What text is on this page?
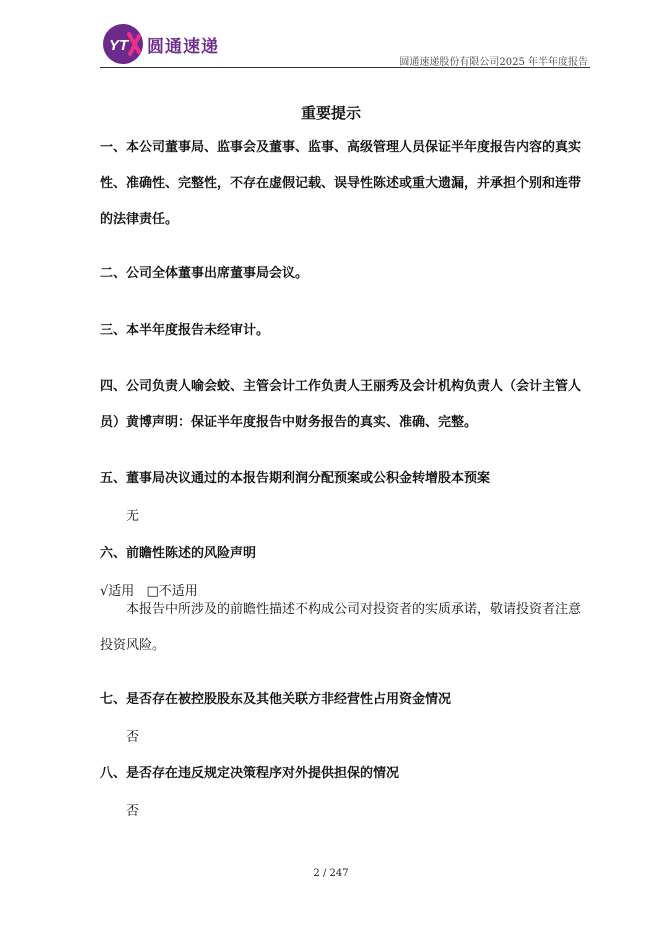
YT 圆通速递
圆通速递股份有限公司2025 年半年度报告
重要提示

一、本公司董事局、监事会及董事、监事、高级管理人员保证半年度报告内容的真实性、准确性、完整性，不存在虚假记载、误导性陈述或重大遗漏，并承担个别和连带的法律责任。

二、公司全体董事出席董事局会议。

三、本半年度报告未经审计。

四、公司负责人喻会蛟、主管会计工作负责人王丽秀及会计机构负责人（会计主管人员）黄博声明：保证半年度报告中财务报告的真实、准确、完整。

五、董事局决议通过的本报告期利润分配预案或公积金转增股本预案

无

六、前瞻性陈述的风险声明

√适用 □不适用

本报告中所涉及的前瞻性描述不构成公司对投资者的实质承诺，敬请投资者注意投资风险。

七、是否存在被控股股东及其他关联方非经营性占用资金情况

否

八、是否存在违反规定决策程序对外提供担保的情况

否
2 / 247
